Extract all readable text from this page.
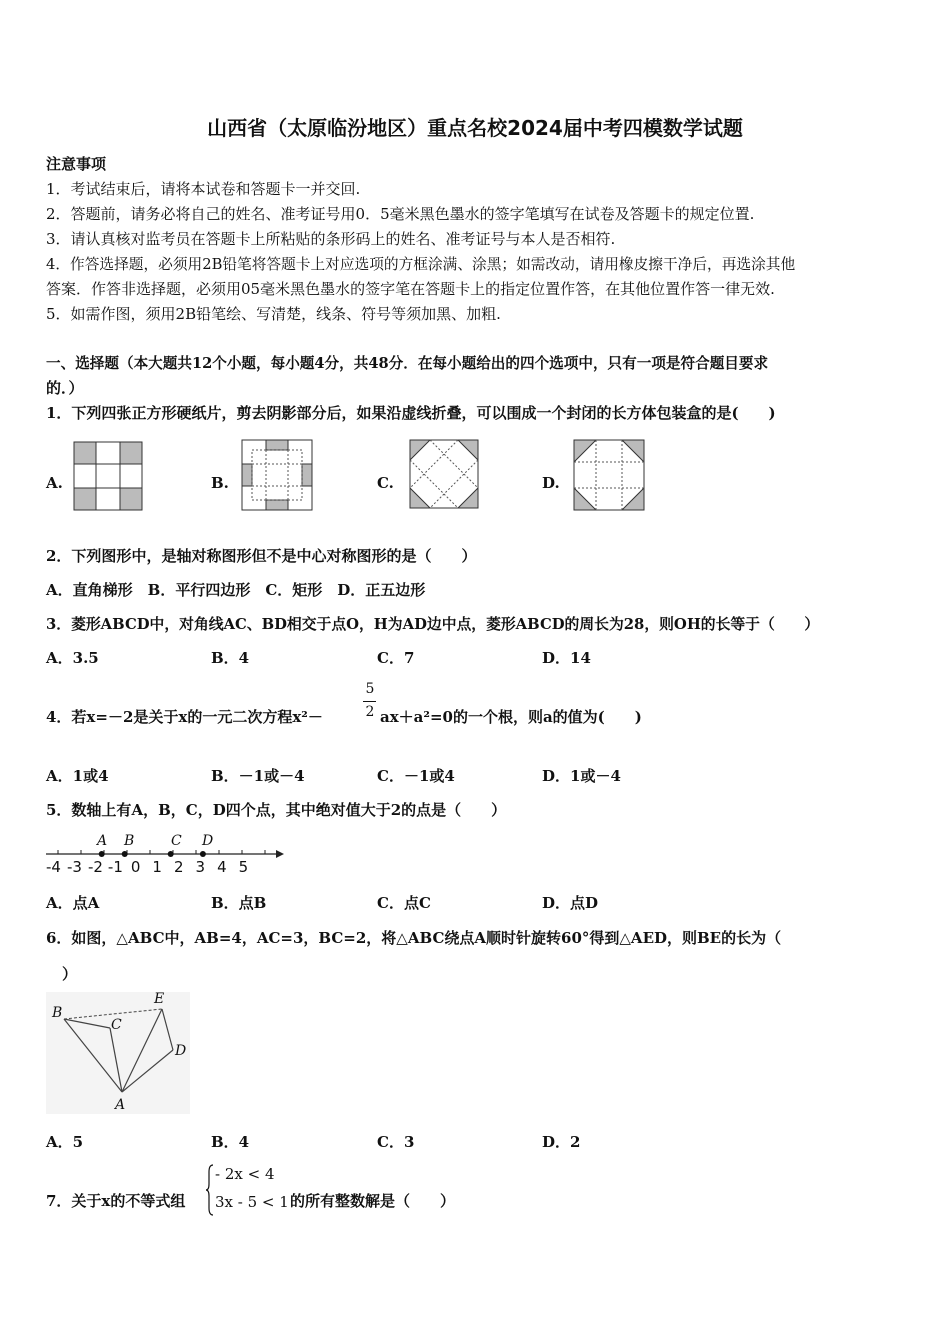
山西省（太原临汾地区）重点名校2024届中考四模数学试题
注意事项
1．考试结束后，请将本试卷和答题卡一并交回.
2．答题前，请务必将自己的姓名、准考证号用0．5毫米黑色墨水的签字笔填写在试卷及答题卡的规定位置.
3．请认真核对监考员在答题卡上所粘贴的条形码上的姓名、准考证号与本人是否相符.
4．作答选择题，必须用2B铅笔将答题卡上对应选项的方框涂满、涂黑；如需改动，请用橡皮擦干净后，再选涂其他
答案．作答非选择题，必须用05毫米黑色墨水的签字笔在答题卡上的指定位置作答，在其他位置作答一律无效.
5．如需作图，须用2B铅笔绘、写清楚，线条、符号等须加黑、加粗.
一、选择题（本大题共12个小题，每小题4分，共48分．在每小题给出的四个选项中，只有一项是符合题目要求
的．）
1．下列四张正方形硬纸片，剪去阴影部分后，如果沿虚线折叠，可以围成一个封闭的长方体包装盒的是(　　)
A.	B.	C.	D.
2．下列图形中，是轴对称图形但不是中心对称图形的是（　　）
A．直角梯形　B．平行四边形　C．矩形　D．正五边形
3．菱形ABCD中，对角线AC、BD相交于点O，H为AD边中点，菱形ABCD的周长为28，则OH的长等于（　　）
A．3.5	B．4	C．7	D．14
4．若x=－2是关于x的一元二次方程x²－
5
2 ax＋a²=0的一个根，则a的值为(　　)
A．1或4	B．－1或－4	C．－1或4	D．1或－4
5．数轴上有A，B，C，D四个点，其中绝对值大于2的点是（　　）
-4 -3 -2 -1 0 1 2 3 4 5
A B	C D
A．点A	B．点B	C．点C	D．点D
6．如图，△ABC中，AB=4，AC=3，BC=2，将△ABC绕点A顺时针旋转60°得到△AED，则BE的长为（
）
B
C
E
D
A
A．5	B．4	C．3	D．2
7．关于x的不等式组
- 2x < 4
3x - 5 < 1 的所有整数解是（　　）
